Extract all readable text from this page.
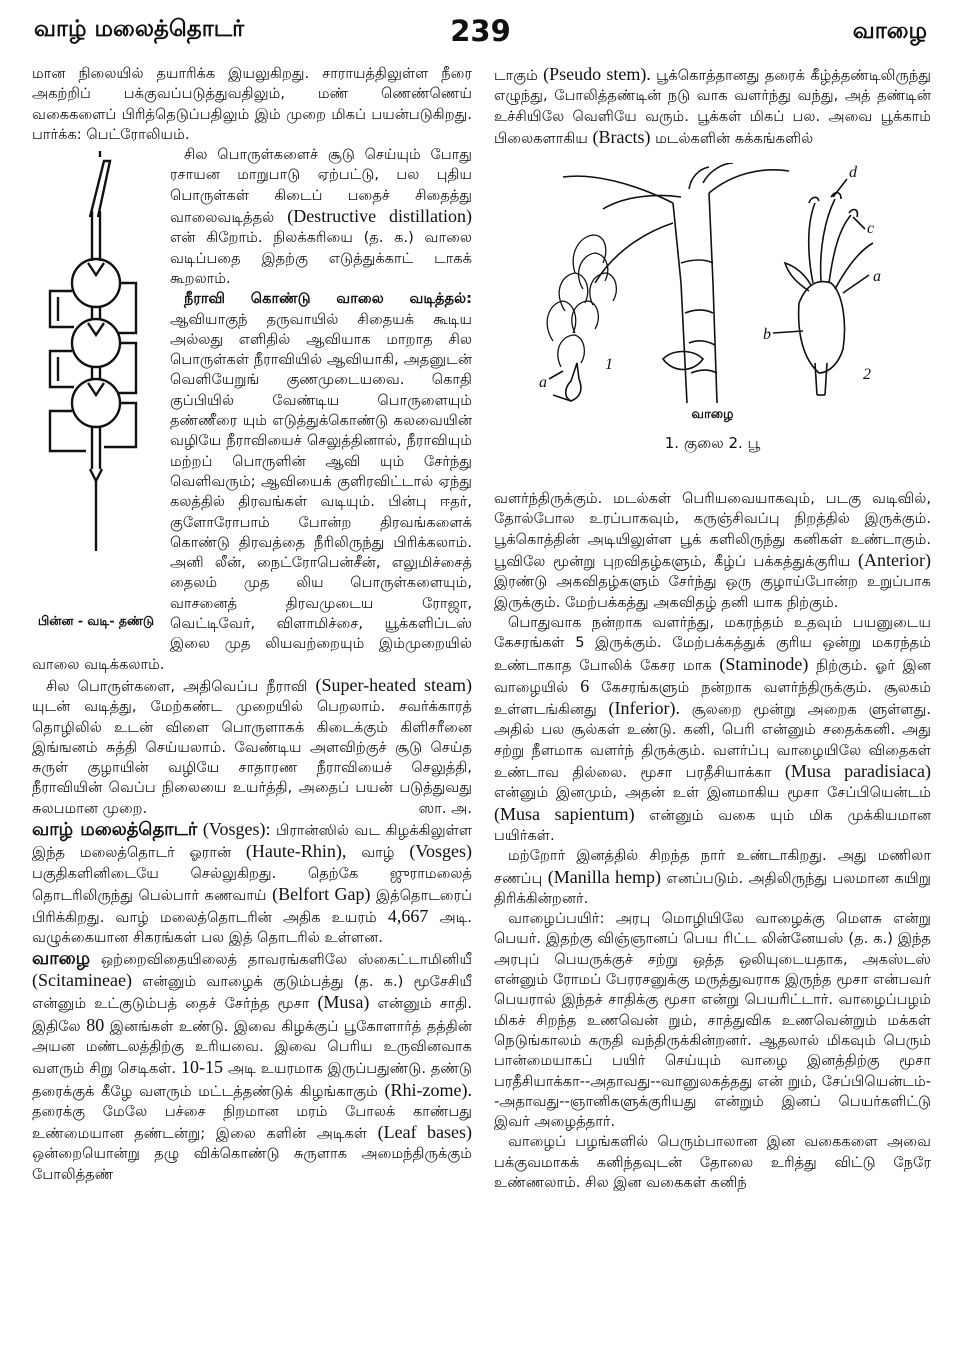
வாழ் மலைத்தொடர்	239	வாழை

மான நிலையில் தயாரிக்க இயலுகிறது. சாராயத்திலுள்ள நீரை அகற்றிப் பக்குவப்படுத்துவதிலும், மண் ணெண்ணெய் வகைகளைப் பிரித்தெடுப்பதிலும் இம் முறை மிகப் பயன்படுகிறது. பார்க்க: பெட்ரோலியம்.

பின்ன - வடி- தண்டு

சில பொருள்களைச் சூடு செய்யும் போது ரசாயன மாறுபாடு ஏற்பட்டு, பல புதிய பொருள்கள் கிடைப் பதைச் சிதைத்து வாலைவடித்தல் (Destructive distillation) என் கிறோம். நிலக்கரியை (த. க.) வாலை வடிப்பதை இதற்கு எடுத்துக்காட் டாகக் கூறலாம்.

நீராவி கொண்டு வாலை வடித்தல்: ஆவியாகுந் தருவாயில் சிதையக் கூடிய அல்லது எளிதில் ஆவியாக மாறாத சில பொருள்கள் நீராவியில் ஆவியாகி, அதனுடன் வெளியேறுங் குணமுடையவை. கொதி குப்பியில் வேண்டிய பொருளையும் தண்ணீரை யும் எடுத்துக்கொண்டு கலவையின் வழியே நீராவியைச் செலுத்தினால், நீராவியும் மற்றப் பொருளின் ஆவி யும் சேர்ந்து வெளிவரும்; ஆவியைக் குளிரவிட்டால் ஏந்து கலத்தில் திரவங்கள் வடியும். பின்பு ஈதர், குளோரோபாம் போன்ற திரவங்களைக் கொண்டு திரவத்தை நீரிலிருந்து பிரிக்கலாம். அனி லீன், நைட்ரோபென்சீன், எலுமிச்சைத் தைலம் முத லிய பொருள்களையும், வாசனைத் திரவமுடைய ரோஜா, வெட்டிவேர், விளாமிச்சை, யூக்களிப்டஸ் இலை முத லியவற்றையும் இம்முறையில் வாலை வடிக்கலாம்.

சில பொருள்களை, அதிவெப்ப நீராவி (Super-heated steam) யுடன் வடித்து, மேற்கண்ட முறையில் பெறலாம். சவர்க்காரத் தொழிலில் உடன் விளை பொருளாகக் கிடைக்கும் கிளிசரீனை இங்ஙனம் சுத்தி செய்யலாம். வேண்டிய அளவிற்குச் சூடு செய்த சுருள் குழாயின் வழியே சாதாரண நீராவியைச் செலுத்தி, நீராவியின் வெப்ப நிலையை உயர்த்தி, அதைப் பயன் படுத்துவது சுலபமான முறை.	ஸா. அ.

வாழ் மலைத்தொடர் (Vosges): பிரான்ஸில் வட கிழக்கிலுள்ள இந்த மலைத்தொடர் ஓரான் (Haute-Rhin), வாழ் (Vosges) பகுதிகளினிடையே செல்லுகிறது. தெற்கே ஜுராமலைத் தொடரிலிருந்து பெல்பார் கணவாய் (Belfort Gap) இத்தொடரைப் பிரிக்கிறது. வாழ் மலைத்தொடரின் அதிக உயரம் 4,667 அடி. வழுக்கையான சிகரங்கள் பல இத் தொடரில் உள்ளன.

வாழை ஒற்றைவிதையிலைத் தாவரங்களிலே ஸ்கைட்டாமினியீ (Scitamineae) என்னும் வாழைக் குடும்பத்து (த. க.) மூசேசியீ என்னும் உட்குடும்பத் தைச் சேர்ந்த மூசா (Musa) என்னும் சாதி. இதிலே 80 இனங்கள் உண்டு. இவை கிழக்குப் பூகோளார்த் தத்தின் அயன மண்டலத்திற்கு உரியவை. இவை பெரிய உருவினவாக வளரும் சிறு செடிகள். 10-15 அடி உயரமாக இருப்பதுண்டு. தண்டு தரைக்குக் கீழே வளரும் மட்டத்தண்டுக் கிழங்காகும் (Rhi-zome). தரைக்கு மேலே பச்சை நிறமான மரம் போலக் காண்பது உண்மையான தண்டன்று; இலை களின் அடிகள் (Leaf bases) ஒன்றையொன்று தழு விக்கொண்டு சுருளாக அமைந்திருக்கும் போலித்தண்

டாகும் (Pseudo stem). பூக்கொத்தானது தரைக் கீழ்த்தண்டிலிருந்து எழுந்து, போலித்தண்டின் நடு வாக வளர்ந்து வந்து, அத் தண்டின் உச்சியிலே வெளியே வரும். பூக்கள் மிகப் பல. அவை பூக்காம் பிலைகளாகிய (Bracts) மடல்களின் கக்கங்களில்

d
c
a
b
a
1
2
வாழை
1. குலை 2. பூ

வளர்ந்திருக்கும். மடல்கள் பெரியவையாகவும், படகு வடிவில், தோல்போல உரப்பாகவும், கருஞ்சிவப்பு நிறத்தில் இருக்கும். பூக்கொத்தின் அடியிலுள்ள பூக் களிலிருந்து கனிகள் உண்டாகும். பூவிலே மூன்று புறவிதழ்களும், கீழ்ப் பக்கத்துக்குரிய (Anterior) இரண்டு அகவிதழ்களும் சேர்ந்து ஒரு குழாய்போன்ற உறுப்பாக இருக்கும். மேற்பக்கத்து அகவிதழ் தனி யாக நிற்கும்.

பொதுவாக நன்றாக வளர்ந்து, மகரந்தம் உதவும் பயனுடைய கேசரங்கள் 5 இருக்கும். மேற்பக்கத்துக் குரிய ஒன்று மகரந்தம் உண்டாகாத போலிக் கேசர மாக (Staminode) நிற்கும். ஓர் இன வாழையில் 6 கேசரங்களும் நன்றாக வளர்ந்திருக்கும். சூலகம் உள்ளடங்கினது (Inferior). சூலறை மூன்று அறைக ளுள்ளது. அதில் பல சூல்கள் உண்டு. கனி, பெரி என்னும் சதைக்கனி. அது சற்று நீளமாக வளர்ந் திருக்கும். வளர்ப்பு வாழையிலே விதைகள் உண்டாவ தில்லை. மூசா பரதீசியாக்கா (Musa paradisiaca) என்னும் இனமும், அதன் உள் இனமாகிய மூசா சேப்பியென்டம் (Musa sapientum) என்னும் வகை யும் மிக முக்கியமான பயிர்கள்.

மற்றோர் இனத்தில் சிறந்த நார் உண்டாகிறது. அது மணிலா சணப்பு (Manilla hemp) எனப்படும். அதிலிருந்து பலமான கயிறு திரிக்கின்றனர்.

வாழைப்பயிர்: அரபு மொழியிலே வாழைக்கு மௌசு என்று பெயர். இதற்கு விஞ்ஞானப் பெய ரிட்ட லின்னேயஸ் (த. க.) இந்த அரபுப் பெயருக்குச் சற்று ஒத்த ஒலியுடையதாக, அகஸ்டஸ் என்னும் ரோமப் பேரரசனுக்கு மருத்துவராக இருந்த மூசா என்பவர் பெயரால் இந்தச் சாதிக்கு மூசா என்று பெயரிட்டார். வாழைப்பழம் மிகச் சிறந்த உணவென் றும், சாத்துவிக உணவென்றும் மக்கள் நெடுங்காலம் கருதி வந்திருக்கின்றனர். ஆதலால் மிகவும் பெரும் பான்மையாகப் பயிர் செய்யும் வாழை இனத்திற்கு மூசா பரதீசியாக்கா--அதாவது--வானுலகத்தது என் றும், சேப்பியென்டம்--அதாவது--ஞானிகளுக்குரியது என்றும் இனப் பெயர்களிட்டு இவர் அழைத்தார்.

வாழைப் பழங்களில் பெரும்பாலான இன வகைகளை அவை பக்குவமாகக் கனிந்தவுடன் தோலை உரித்து விட்டு நேரே உண்ணலாம். சில இன வகைகள் கனிந்
